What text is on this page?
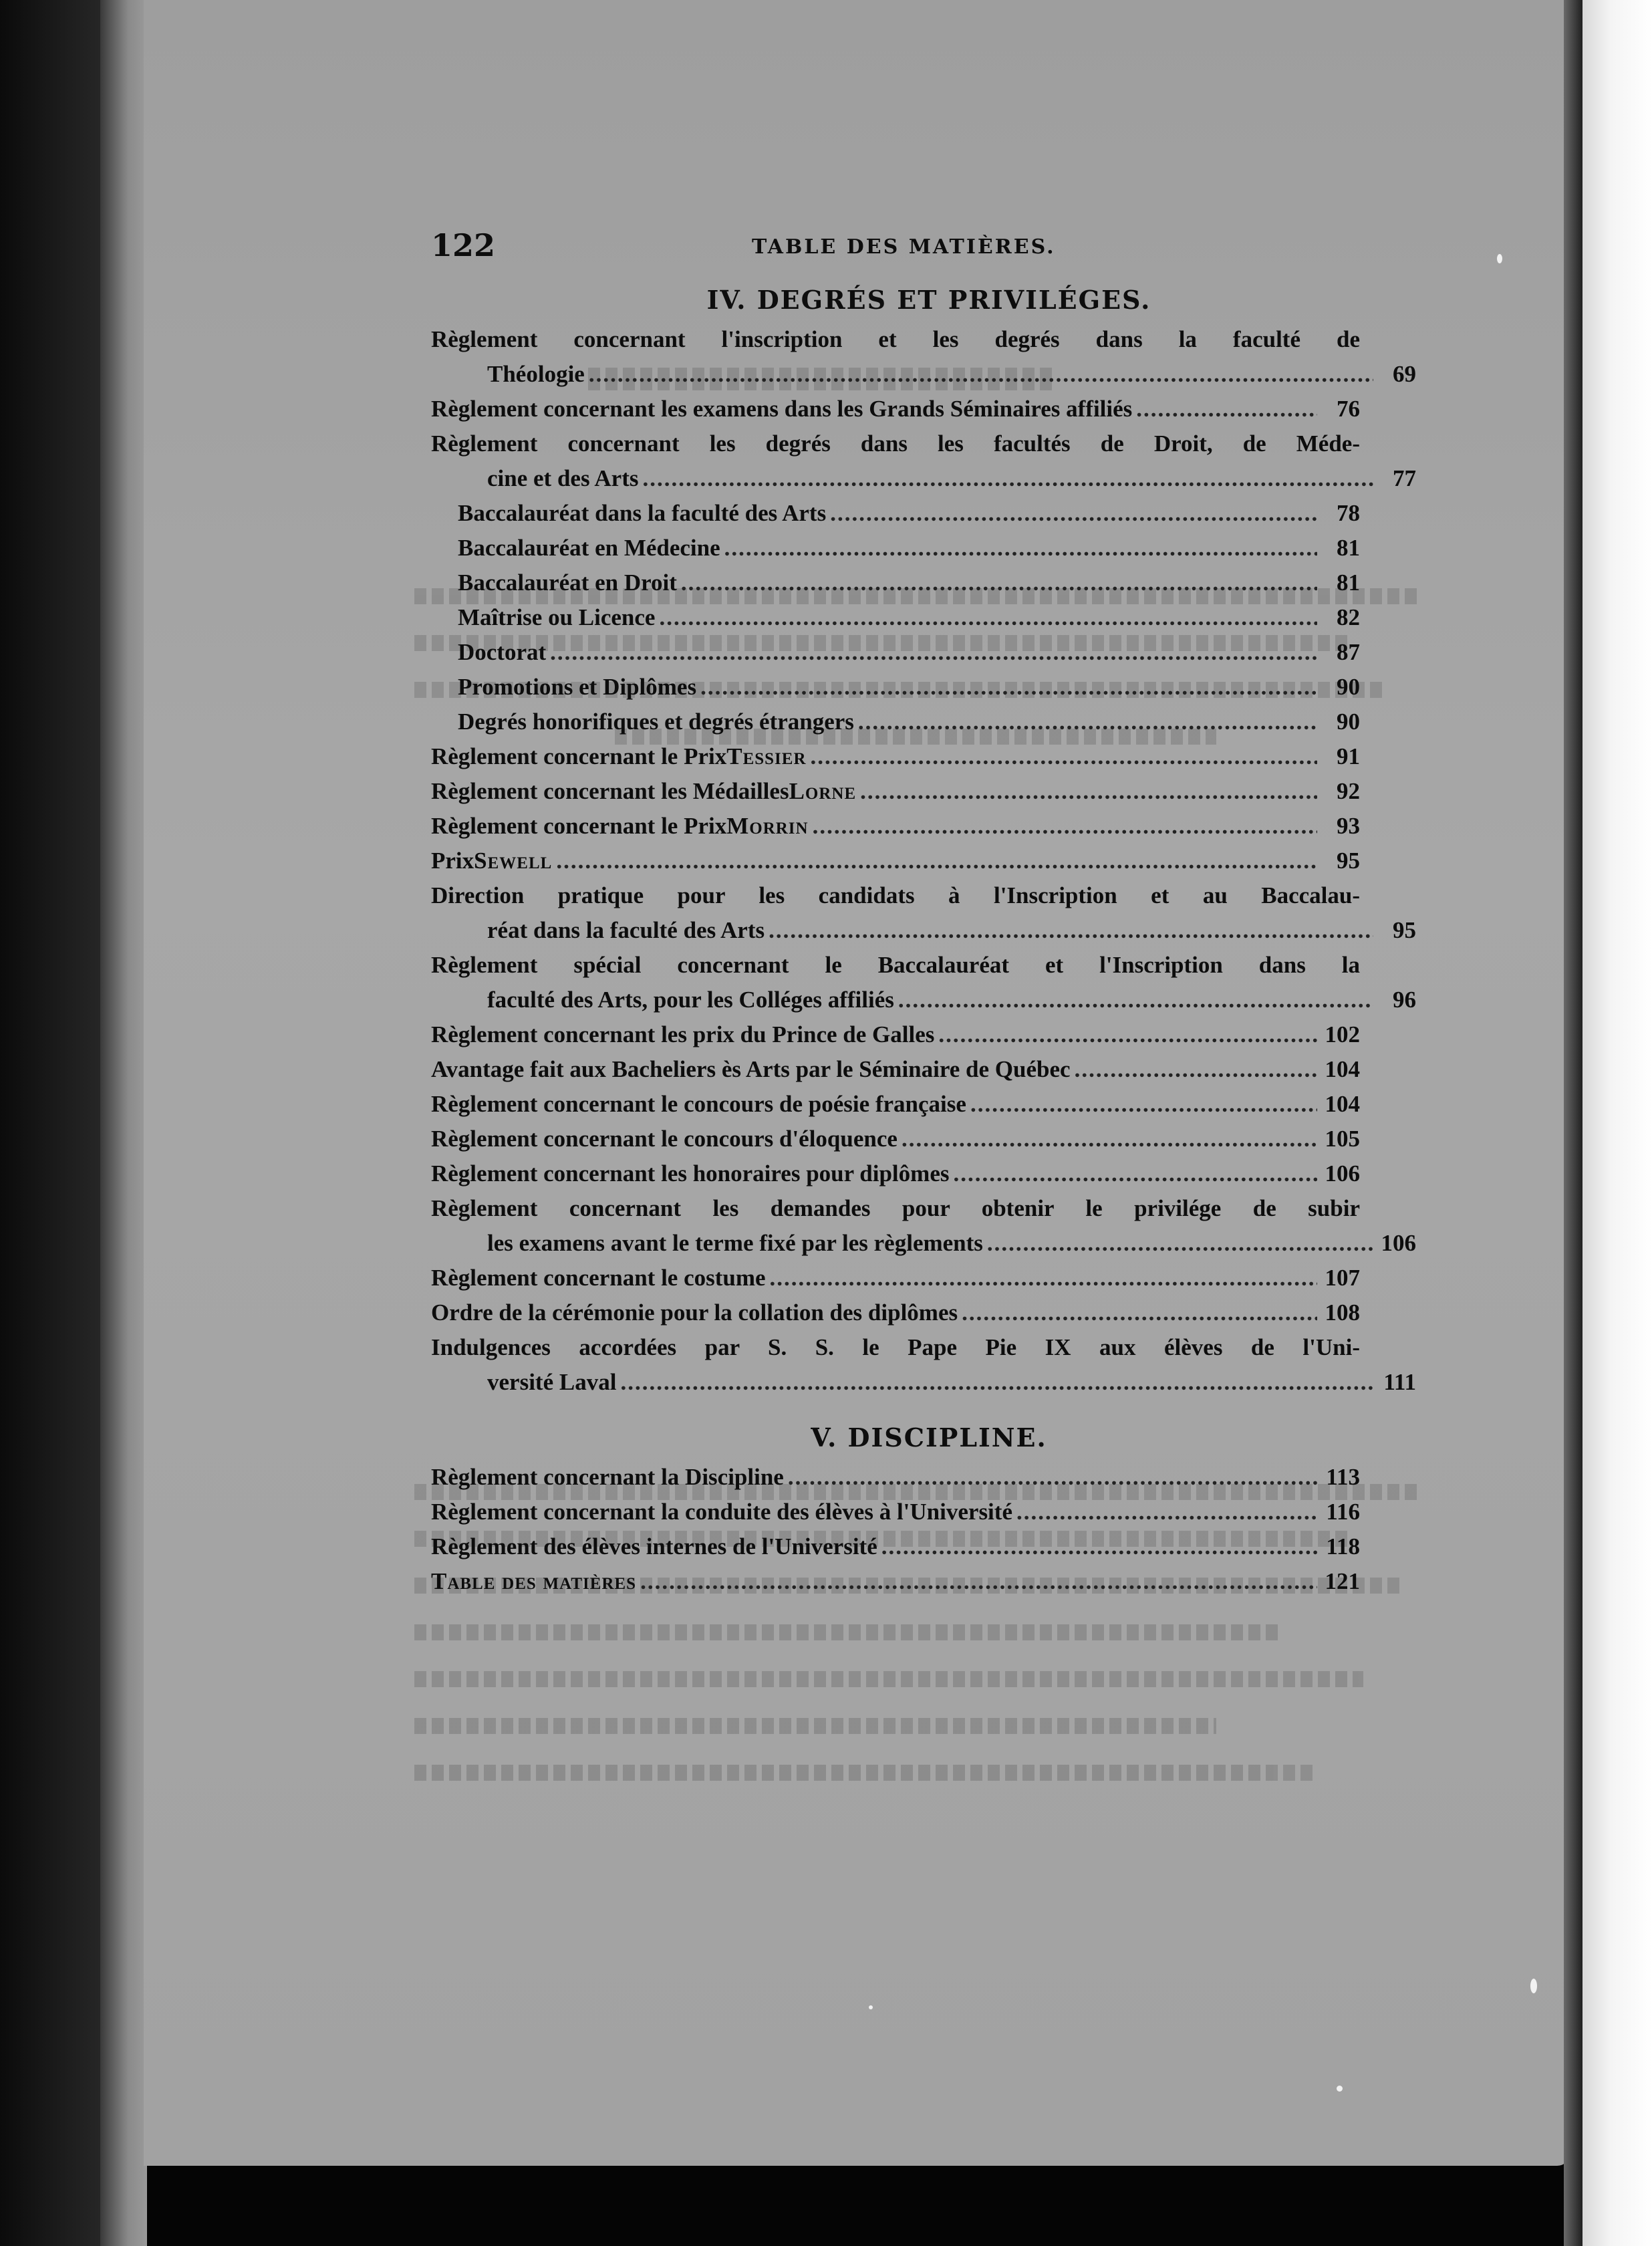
122	TABLE DES MATIÈRES.
IV. DEGRÉS ET PRIVILÉGES.
Règlement concernant l'inscription et les degrés dans la faculté de
Théologie .....	69
Règlement concernant les examens dans les Grands Séminaires affiliés .....	76
Règlement concernant les degrés dans les facultés de Droit, de Méde-
cine et des Arts .....	77
Baccalauréat dans la faculté des Arts .....	78
Baccalauréat en Médecine .....	81
Baccalauréat en Droit .....	81
Maîtrise ou Licence .....	82
Doctorat .....	87
Promotions et Diplômes .....	90
Degrés honorifiques et degrés étrangers .....	90
Règlement concernant le Prix Tessier .....	91
Règlement concernant les Médailles Lorne .....	92
Règlement concernant le Prix Morrin .....	93
Prix Sewell .....	95
Direction pratique pour les candidats à l'Inscription et au Baccalau-
réat dans la faculté des Arts .....	95
Règlement spécial concernant le Baccalauréat et l'Inscription dans la
faculté des Arts, pour les Colléges affiliés .....	96
Règlement concernant les prix du Prince de Galles .....	102
Avantage fait aux Bacheliers ès Arts par le Séminaire de Québec .....	104
Règlement concernant le concours de poésie française .....	104
Règlement concernant le concours d'éloquence .....	105
Règlement concernant les honoraires pour diplômes .....	106
Règlement concernant les demandes pour obtenir le privilége de subir
les examens avant le terme fixé par les règlements .....	106
Règlement concernant le costume .....	107
Ordre de la cérémonie pour la collation des diplômes .....	108
Indulgences accordées par S. S. le Pape Pie IX aux élèves de l'Uni-
versité Laval .....	111
V. DISCIPLINE.
Règlement concernant la Discipline .....	113
Règlement concernant la conduite des élèves à l'Université .....	116
Règlement des élèves internes de l'Université .....	118
Table des matières .....	121
